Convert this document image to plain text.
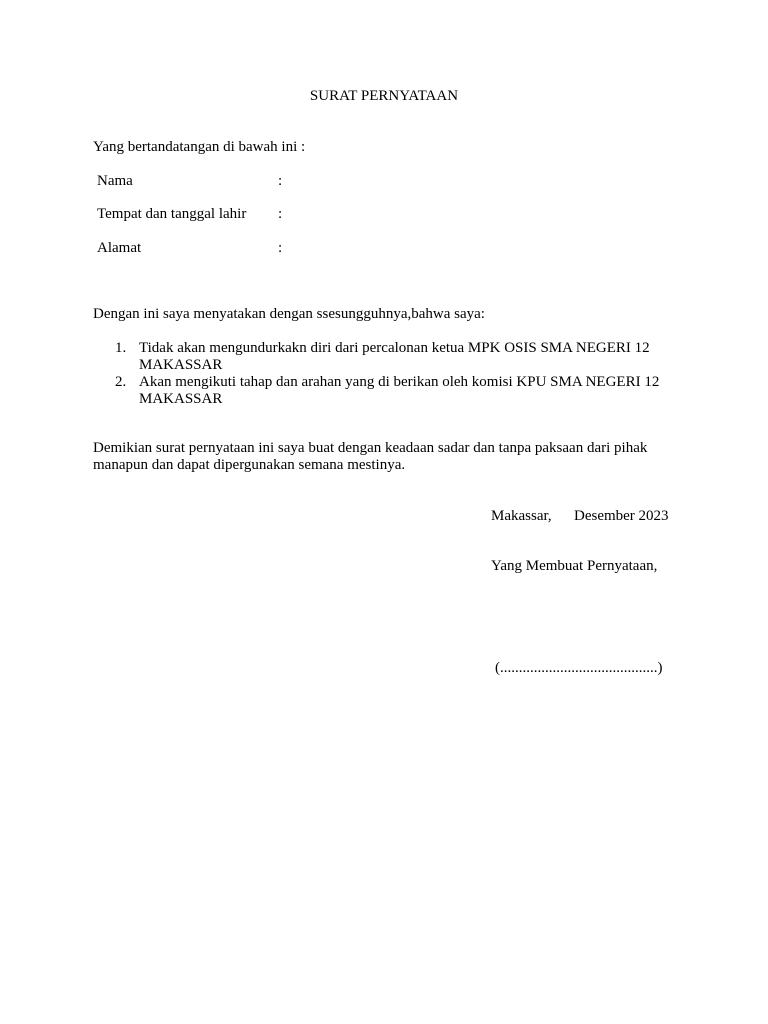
SURAT PERNYATAAN
Yang bertandatangan di bawah ini :
Nama	:
Tempat dan tanggal lahir :
Alamat	:
Dengan ini saya menyatakan dengan ssesungguhnya,bahwa saya:
1. Tidak akan mengundurkakn diri dari percalonan ketua MPK OSIS SMA NEGERI 12 MAKASSAR
2. Akan mengikuti tahap dan arahan yang di berikan oleh komisi KPU SMA NEGERI 12 MAKASSAR
Demikian surat pernyataan ini saya buat dengan keadaan sadar dan tanpa paksaan dari pihak manapun dan dapat dipergunakan semana mestinya.
Makassar, Desember 2023
Yang Membuat Pernyataan,
(..........................................)
